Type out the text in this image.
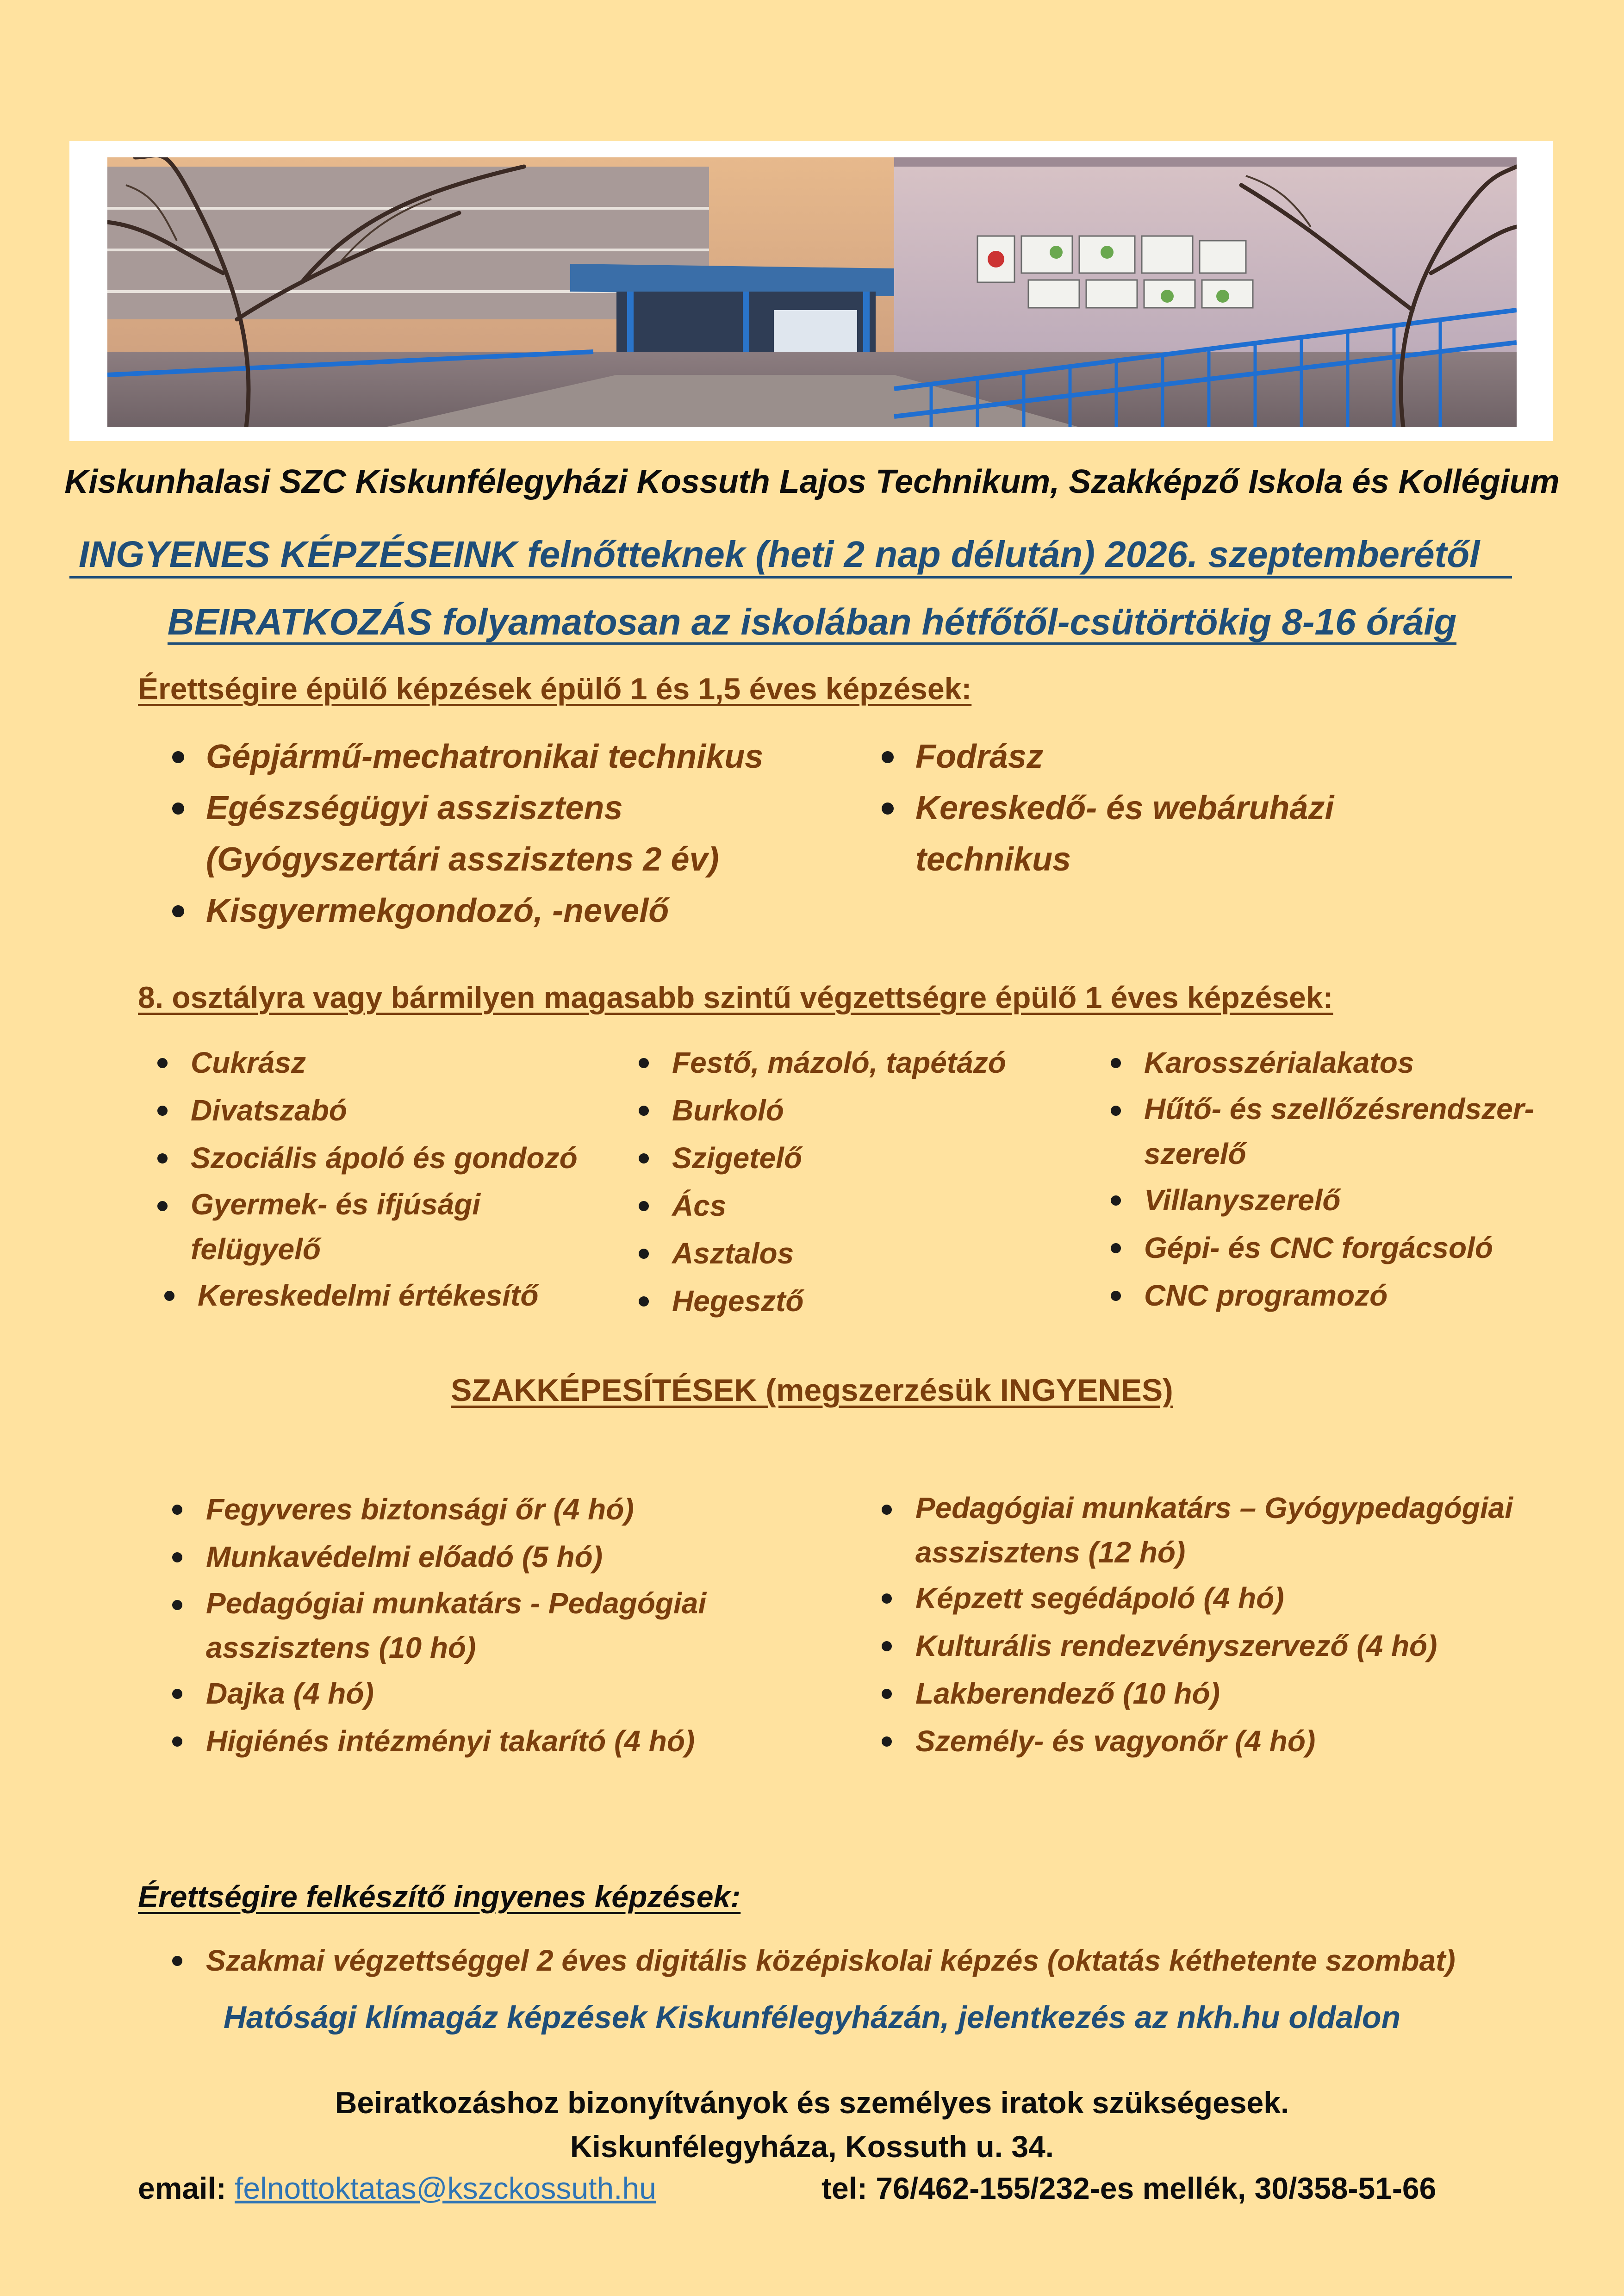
Kiskunhalasi SZC Kiskunfélegyházi Kossuth Lajos Technikum, Szakképző Iskola és Kollégium
INGYENES KÉPZÉSEINK felnőtteknek (heti 2 nap délután) 2026. szeptemberétől
BEIRATKOZÁS folyamatosan az iskolában hétfőtől-csütörtökig 8-16 óráig
Érettségire épülő képzések épülő 1 és 1,5 éves képzések:
Gépjármű-mechatronikai technikus
Egészségügyi asszisztens (Gyógyszertári asszisztens 2 év)
Kisgyermekgondozó, -nevelő
Fodrász
Kereskedő- és webáruházi technikus
8. osztályra vagy bármilyen magasabb szintű végzettségre épülő 1 éves képzések:
Cukrász
Divatszabó
Szociális ápoló és gondozó
Gyermek- és ifjúsági felügyelő
Kereskedelmi értékesítő
Festő, mázoló, tapétázó
Burkoló
Szigetelő
Ács
Asztalos
Hegesztő
Karosszérialakatos
Hűtő- és szellőzésrendszer-szerelő
Villanyszerelő
Gépi- és CNC forgácsoló
CNC programozó
SZAKKÉPESÍTÉSEK (megszerzésük INGYENES)
Fegyveres biztonsági őr (4 hó)
Munkavédelmi előadó (5 hó)
Pedagógiai munkatárs - Pedagógiai asszisztens (10 hó)
Dajka (4 hó)
Higiénés intézményi takarító (4 hó)
Pedagógiai munkatárs – Gyógypedagógiai asszisztens (12 hó)
Képzett segédápoló (4 hó)
Kulturális rendezvényszervező (4 hó)
Lakberendező (10 hó)
Személy- és vagyonőr (4 hó)
Érettségire felkészítő ingyenes képzések:
Szakmai végzettséggel 2 éves digitális középiskolai képzés (oktatás kéthetente szombat)
Hatósági klímagáz képzések Kiskunfélegyházán, jelentkezés az nkh.hu oldalon
Beiratkozáshoz bizonyítványok és személyes iratok szükségesek.
Kiskunfélegyháza, Kossuth u. 34.
email: felnottoktatas@kszckossuth.hu	tel: 76/462-155/232-es mellék, 30/358-51-66
